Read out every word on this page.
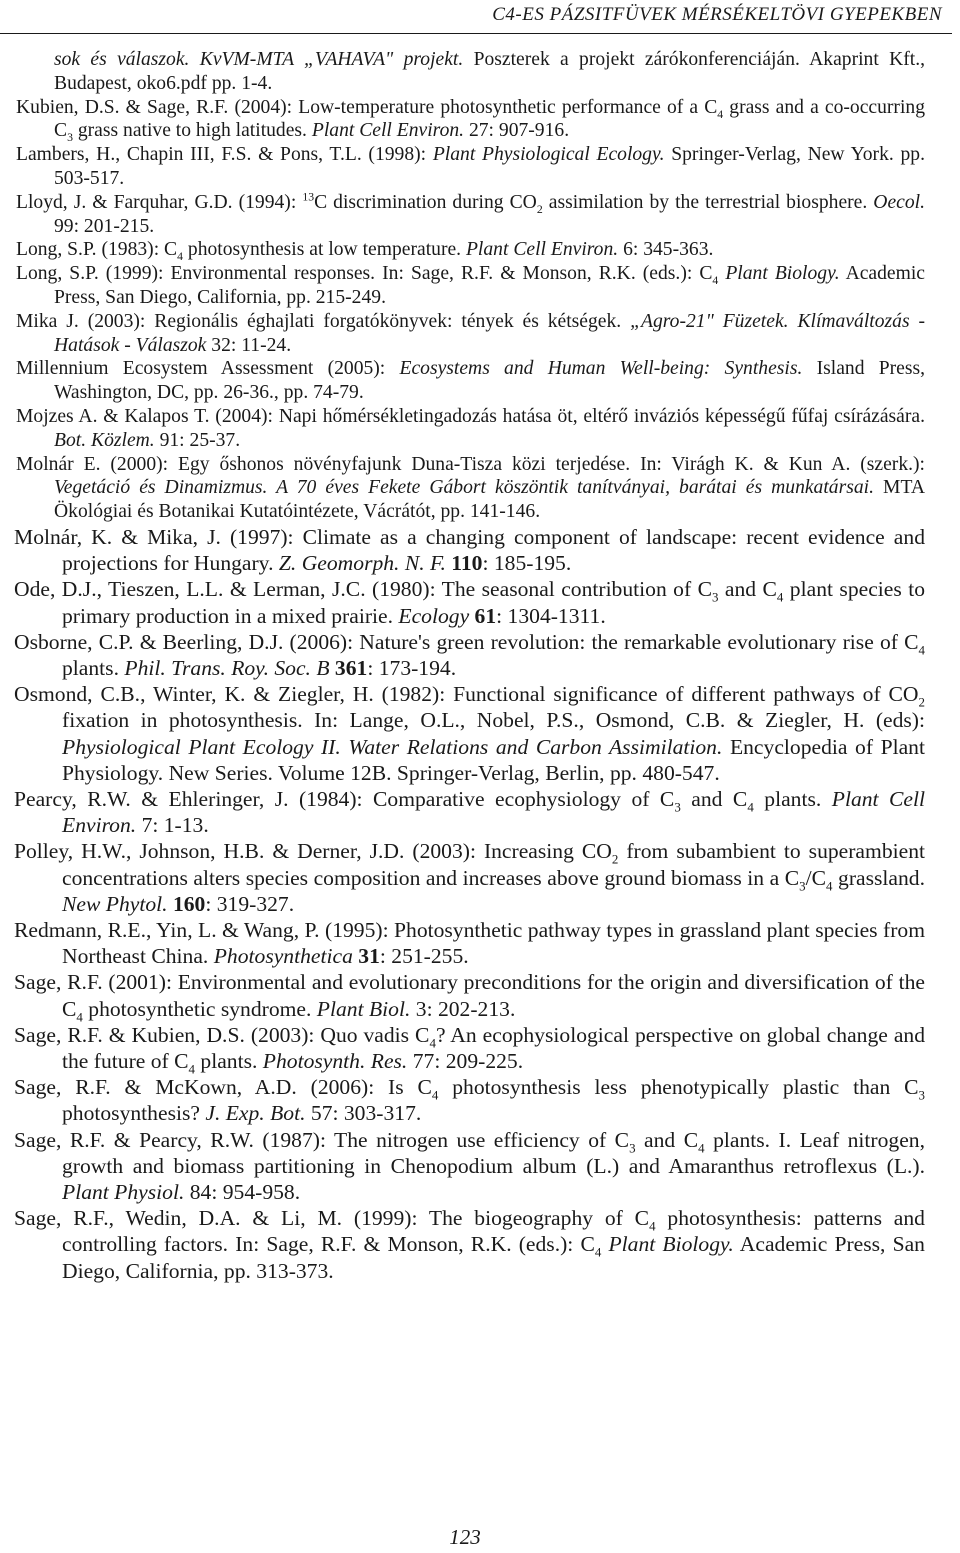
C4-ES PÁZSITFÜVEK MÉRSÉKELTÖVI GYEPEKBEN

sok és válaszok. KvVM-MTA „VAHAVA" projekt. Poszterek a projekt zárókonferenciáján. Akaprint Kft., Budapest, oko6.pdf pp. 1-4.

Kubien, D.S. & Sage, R.F. (2004): Low-temperature photosynthetic performance of a $C_4$ grass and a co-occurring $C_3$ grass native to high latitudes. Plant Cell Environ. 27: 907-916.

Lambers, H., Chapin III, F.S. & Pons, T.L. (1998): Plant Physiological Ecology. Springer-Verlag, New York. pp. 503-517.

Lloyd, J. & Farquhar, G.D. (1994): $^{13}$C discrimination during $CO_2$ assimilation by the terrestrial biosphere. Oecol. 99: 201-215.

Long, S.P. (1983): $C_4$ photosynthesis at low temperature. Plant Cell Environ. 6: 345-363.

Long, S.P. (1999): Environmental responses. In: Sage, R.F. & Monson, R.K. (eds.): $C_4$ Plant Biology. Academic Press, San Diego, California, pp. 215-249.

Mika J. (2003): Regionális éghajlati forgatókönyvek: tények és kétségek. „Agro-21" Füzetek. Klímaváltozás - Hatások - Válaszok 32: 11-24.

Millennium Ecosystem Assessment (2005): Ecosystems and Human Well-being: Synthesis. Island Press, Washington, DC, pp. 26-36., pp. 74-79.

Mojzes A. & Kalapos T. (2004): Napi hőmérsékletingadozás hatása öt, eltérő inváziós képességű fűfaj csírázására. Bot. Közlem. 91: 25-37.

Molnár E. (2000): Egy őshonos növényfajunk Duna-Tisza közi terjedése. In: Virágh K. & Kun A. (szerk.): Vegetáció és Dinamizmus. A 70 éves Fekete Gábort köszöntik tanítványai, barátai és munkatársai. MTA Ökológiai és Botanikai Kutatóintézete, Vácrátót, pp. 141-146.

Molnár, K. & Mika, J. (1997): Climate as a changing component of landscape: recent evidence and projections for Hungary. Z. Geomorph. N. F. 110: 185-195.

Ode, D.J., Tieszen, L.L. & Lerman, J.C. (1980): The seasonal contribution of $C_3$ and $C_4$ plant species to primary production in a mixed prairie. Ecology 61: 1304-1311.

Osborne, C.P. & Beerling, D.J. (2006): Nature's green revolution: the remarkable evolutionary rise of $C_4$ plants. Phil. Trans. Roy. Soc. B 361: 173-194.

Osmond, C.B., Winter, K. & Ziegler, H. (1982): Functional significance of different pathways of $CO_2$ fixation in photosynthesis. In: Lange, O.L., Nobel, P.S., Osmond, C.B. & Ziegler, H. (eds): Physiological Plant Ecology II. Water Relations and Carbon Assimilation. Encyclopedia of Plant Physiology. New Series. Volume 12B. Springer-Verlag, Berlin, pp. 480-547.

Pearcy, R.W. & Ehleringer, J. (1984): Comparative ecophysiology of $C_3$ and $C_4$ plants. Plant Cell Environ. 7: 1-13.

Polley, H.W., Johnson, H.B. & Derner, J.D. (2003): Increasing $CO_2$ from subambient to superambient concentrations alters species composition and increases above ground biomass in a $C_3/C_4$ grassland. New Phytol. 160: 319-327.

Redmann, R.E., Yin, L. & Wang, P. (1995): Photosynthetic pathway types in grassland plant species from Northeast China. Photosynthetica 31: 251-255.

Sage, R.F. (2001): Environmental and evolutionary preconditions for the origin and diversification of the $C_4$ photosynthetic syndrome. Plant Biol. 3: 202-213.

Sage, R.F. & Kubien, D.S. (2003): Quo vadis $C_4$? An ecophysiological perspective on global change and the future of $C_4$ plants. Photosynth. Res. 77: 209-225.

Sage, R.F. & McKown, A.D. (2006): Is $C_4$ photosynthesis less phenotypically plastic than $C_3$ photosynthesis? J. Exp. Bot. 57: 303-317.

Sage, R.F. & Pearcy, R.W. (1987): The nitrogen use efficiency of $C_3$ and $C_4$ plants. I. Leaf nitrogen, growth and biomass partitioning in Chenopodium album (L.) and Amaranthus retroflexus (L.). Plant Physiol. 84: 954-958.

Sage, R.F., Wedin, D.A. & Li, M. (1999): The biogeography of $C_4$ photosynthesis: patterns and controlling factors. In: Sage, R.F. & Monson, R.K. (eds.): $C_4$ Plant Biology. Academic Press, San Diego, California, pp. 313-373.

123
